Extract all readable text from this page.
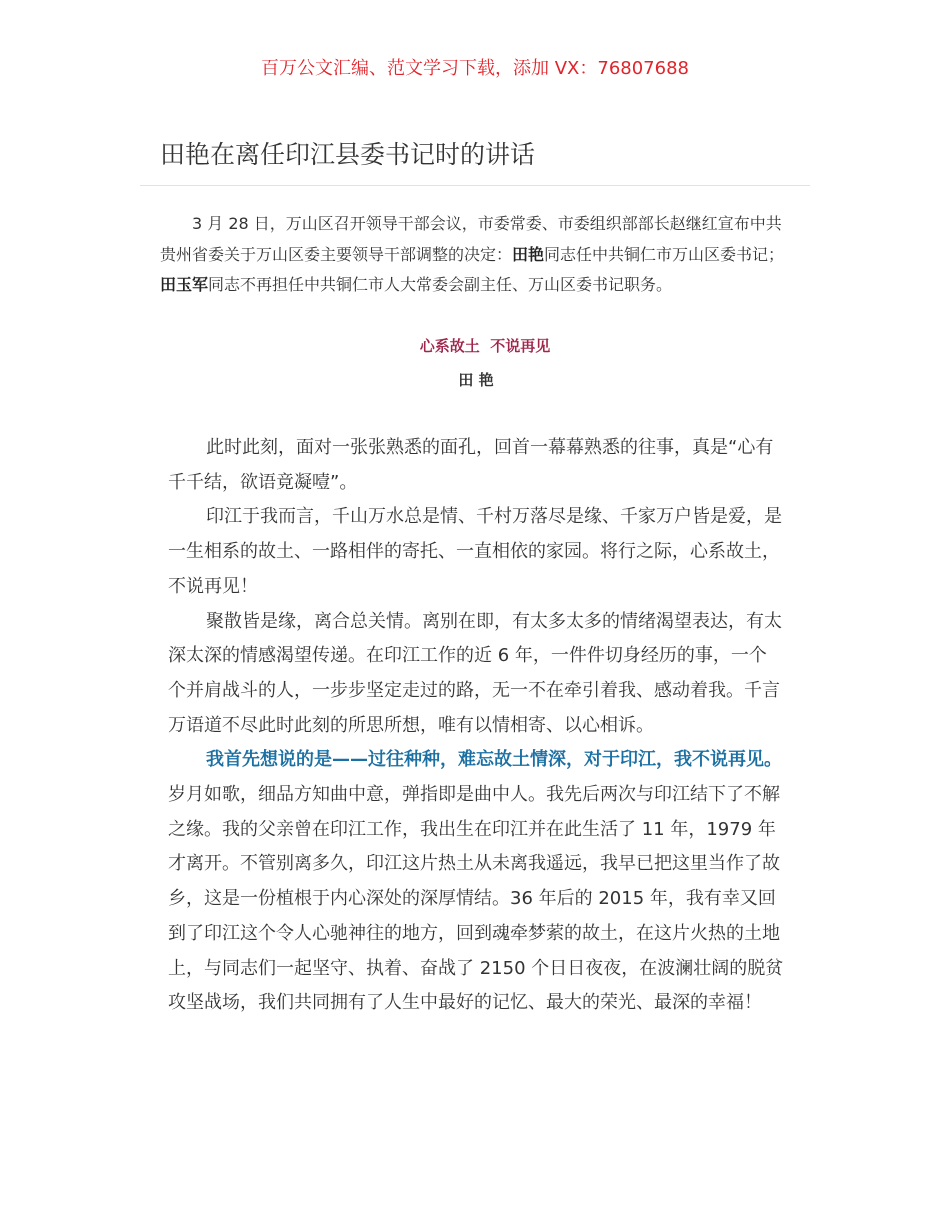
百万公文汇编、范文学习下载，添加 VX：76807688
田艳在离任印江县委书记时的讲话

3 月 28 日，万山区召开领导干部会议，市委常委、市委组织部部长赵继红宣布中共贵州省委关于万山区委主要领导干部调整的决定：田艳同志任中共铜仁市万山区委书记；田玉军同志不再担任中共铜仁市人大常委会副主任、万山区委书记职务。

心系故土  不说再见
田 艳

此时此刻，面对一张张熟悉的面孔，回首一幕幕熟悉的往事，真是“心有千千结，欲语竟凝噎”。

印江于我而言，千山万水总是情、千村万落尽是缘、千家万户皆是爱，是一生相系的故土、一路相伴的寄托、一直相依的家园。将行之际，心系故土，不说再见！

聚散皆是缘，离合总关情。离别在即，有太多太多的情绪渴望表达，有太深太深的情感渴望传递。在印江工作的近 6 年，一件件切身经历的事，一个个并肩战斗的人，一步步坚定走过的路，无一不在牵引着我、感动着我。千言万语道不尽此时此刻的所思所想，唯有以情相寄、以心相诉。

我首先想说的是——过往种种，难忘故土情深，对于印江，我不说再见。岁月如歌，细品方知曲中意，弹指即是曲中人。我先后两次与印江结下了不解之缘。我的父亲曾在印江工作，我出生在印江并在此生活了 11 年，1979 年才离开。不管别离多久，印江这片热土从未离我遥远，我早已把这里当作了故乡，这是一份植根于内心深处的深厚情结。36 年后的 2015 年，我有幸又回到了印江这个令人心驰神往的地方，回到魂牵梦萦的故土，在这片火热的土地上，与同志们一起坚守、执着、奋战了 2150 个日日夜夜，在波澜壮阔的脱贫攻坚战场，我们共同拥有了人生中最好的记忆、最大的荣光、最深的幸福！
